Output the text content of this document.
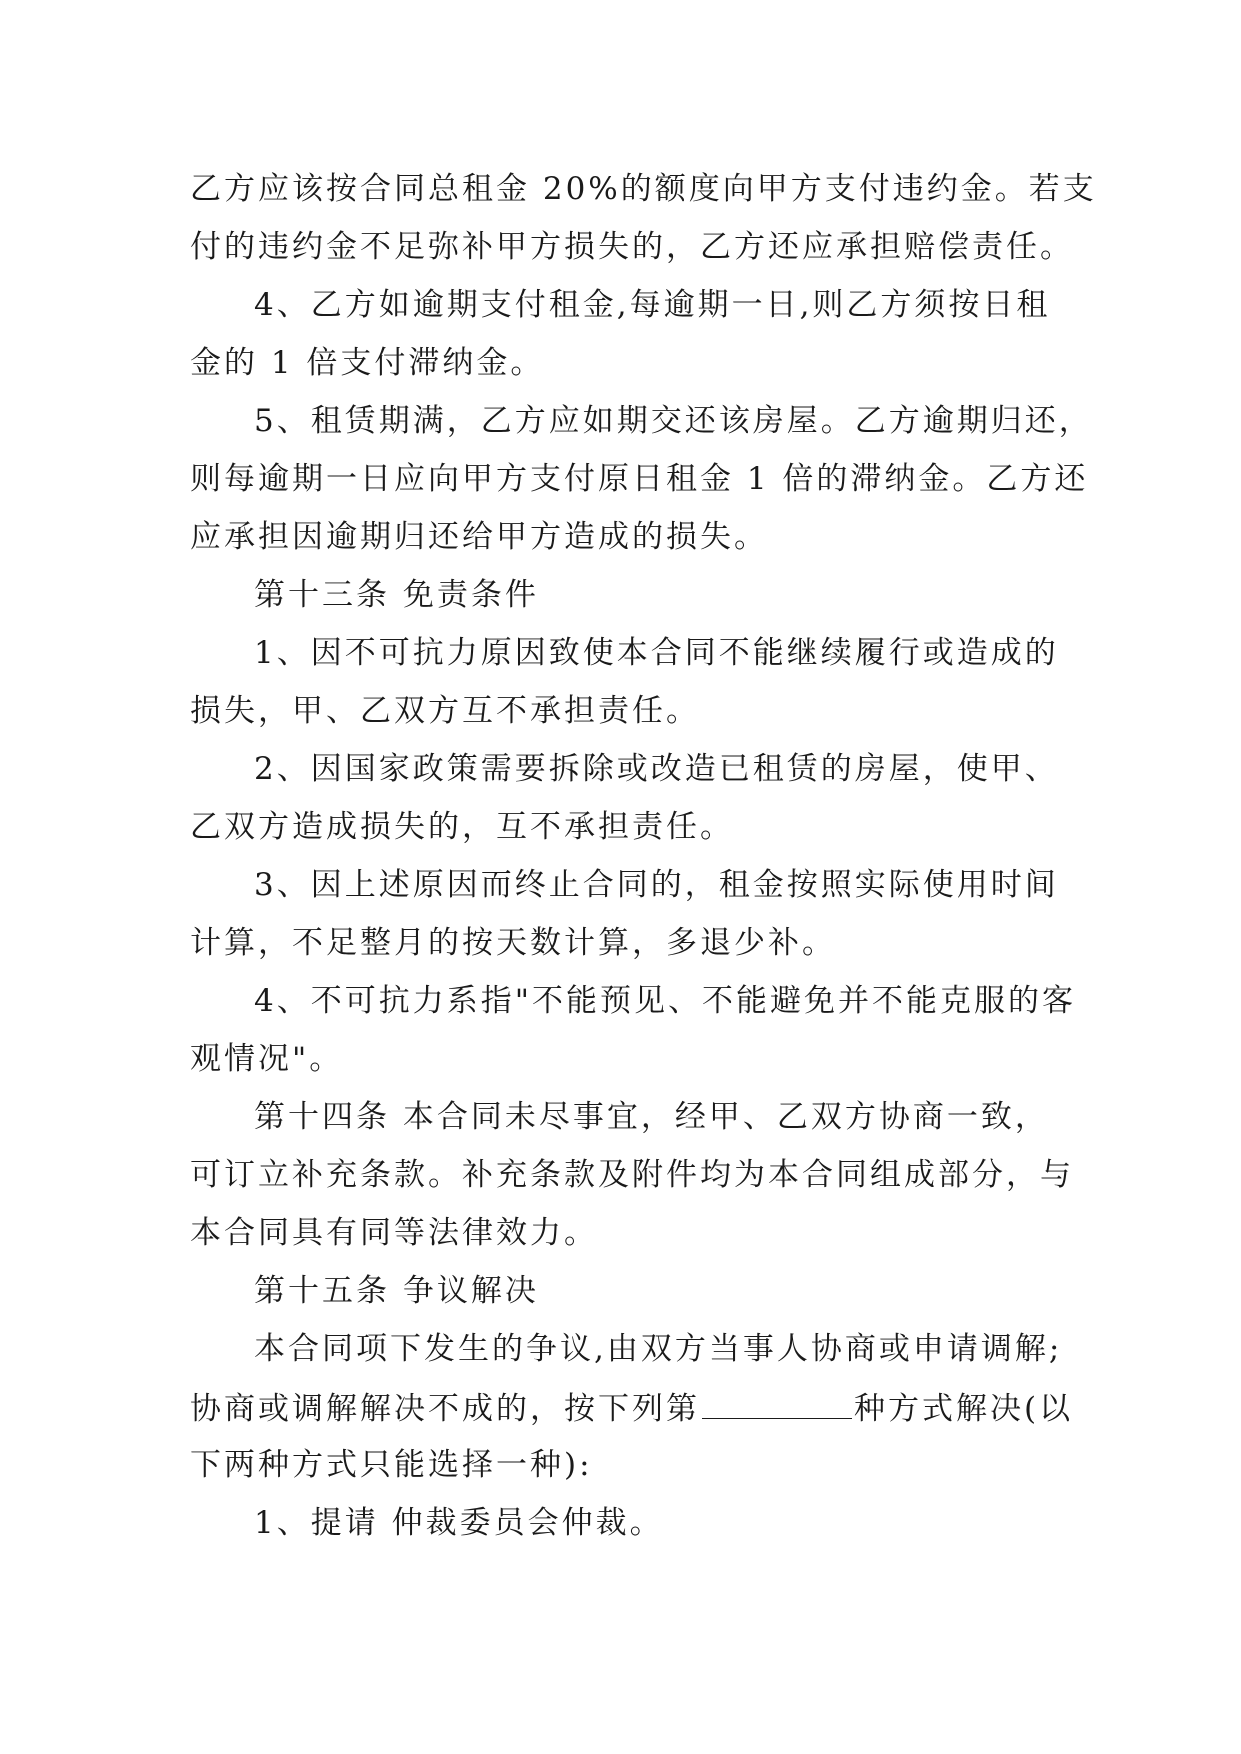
乙方应该按合同总租金 20%的额度向甲方支付违约金。若支
付的违约金不足弥补甲方损失的，乙方还应承担赔偿责任。
4、乙方如逾期支付租金,每逾期一日,则乙方须按日租
金的 1 倍支付滞纳金。
5、租赁期满，乙方应如期交还该房屋。乙方逾期归还，
则每逾期一日应向甲方支付原日租金 1 倍的滞纳金。乙方还
应承担因逾期归还给甲方造成的损失。
第十三条 免责条件
1、因不可抗力原因致使本合同不能继续履行或造成的
损失，甲、乙双方互不承担责任。
2、因国家政策需要拆除或改造已租赁的房屋，使甲、
乙双方造成损失的，互不承担责任。
3、因上述原因而终止合同的，租金按照实际使用时间
计算，不足整月的按天数计算，多退少补。
4、不可抗力系指"不能预见、不能避免并不能克服的客
观情况"。
第十四条 本合同未尽事宜，经甲、乙双方协商一致，
可订立补充条款。补充条款及附件均为本合同组成部分，与
本合同具有同等法律效力。
第十五条 争议解决
本合同项下发生的争议,由双方当事人协商或申请调解;
协商或调解解决不成的，按下列第	种方式解决(以
下两种方式只能选择一种):
1、提请 仲裁委员会仲裁。
